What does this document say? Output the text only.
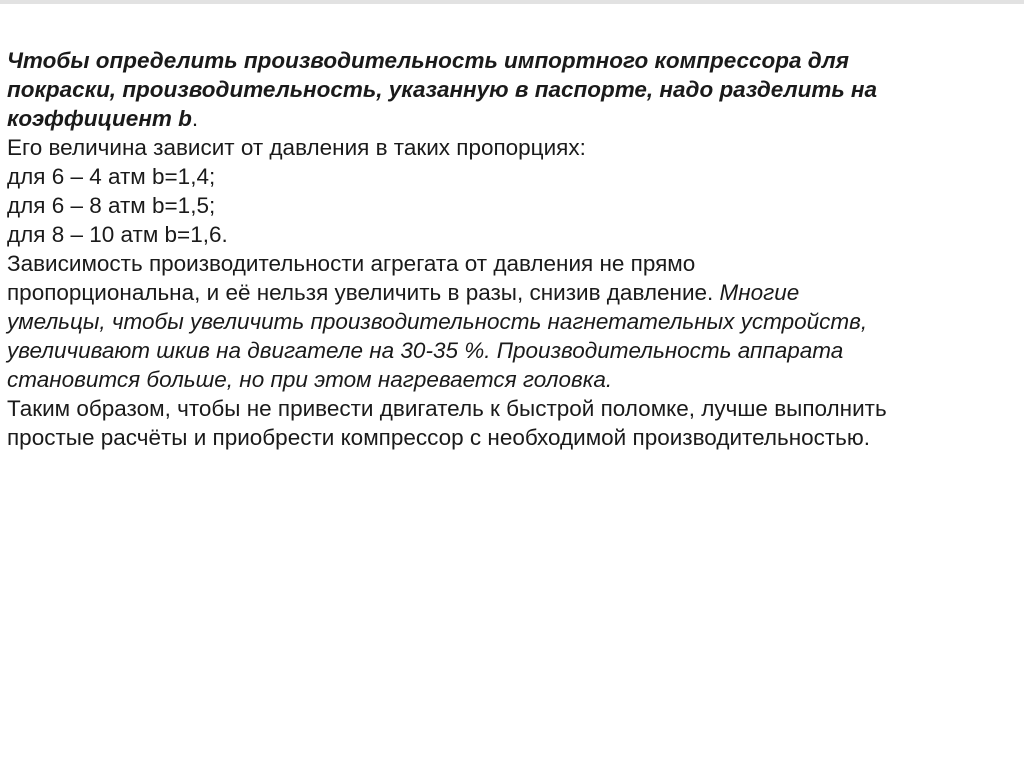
Чтобы определить производительность импортного компрессора для
покраски, производительность, указанную в паспорте, надо разделить на
коэффициент b.
Его величина зависит от давления в таких пропорциях:
для 6 – 4 атм b=1,4;
для 6 – 8 атм b=1,5;
для 8 – 10 атм b=1,6.
Зависимость производительности агрегата от давления не прямо
пропорциональна, и её нельзя увеличить в разы, снизив давление. Многие
умельцы, чтобы увеличить производительность нагнетательных устройств,
увеличивают шкив на двигателе на 30-35 %. Производительность аппарата
становится больше, но при этом нагревается головка.
Таким образом, чтобы не привести двигатель к быстрой поломке, лучше выполнить
простые расчёты и приобрести компрессор с необходимой производительностью.
